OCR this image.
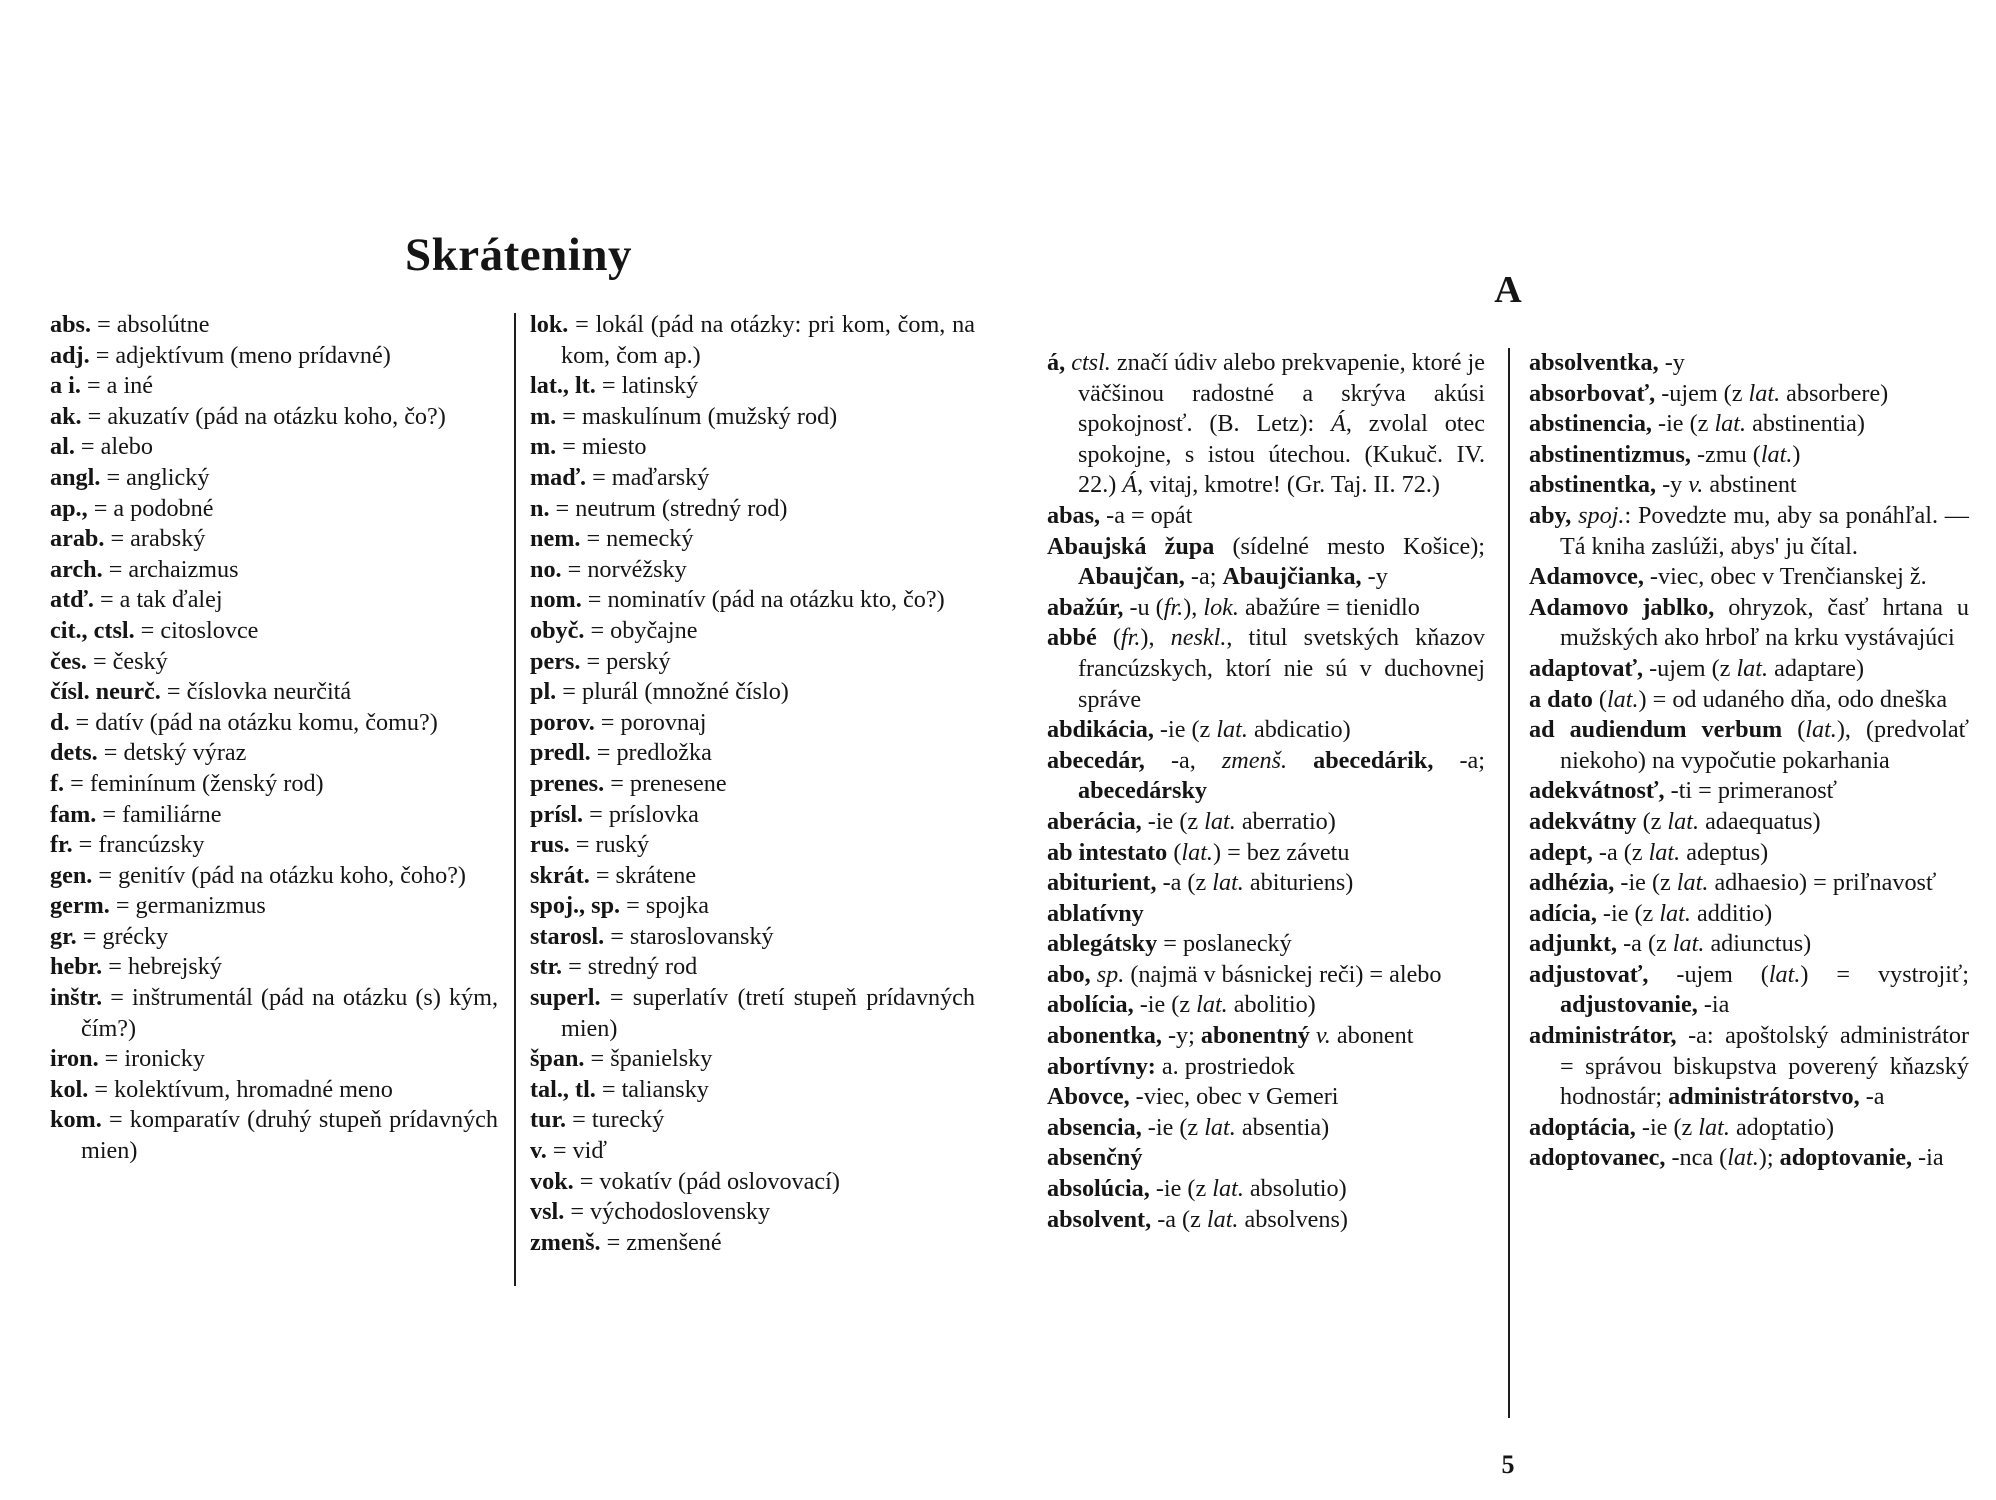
Skráteniny
abs. = absolútne
adj. = adjektívum (meno prídavné)
a i. = a iné
ak. = akuzatív (pád na otázku koho, čo?)
al. = alebo
angl. = anglický
ap., = a podobné
arab. = arabský
arch. = archaizmus
atď. = a tak ďalej
cit., ctsl. = citoslovce
čes. = český
čísl. neurč. = číslovka neurčitá
d. = datív (pád na otázku komu, čomu?)
dets. = detský výraz
f. = feminínum (ženský rod)
fam. = familiárne
fr. = francúzsky
gen. = genitív (pád na otázku koho, čoho?)
germ. = germanizmus
gr. = grécky
hebr. = hebrejský
inštr. = inštrumentál (pád na otázku (s) kým, čím?)
iron. = ironicky
kol. = kolektívum, hromadné meno
kom. = komparatív (druhý stupeň prídavných mien)
lok. = lokál (pád na otázky: pri kom, čom, na kom, čom ap.)
lat., lt. = latinský
m. = maskulínum (mužský rod)
m. = miesto
maď. = maďarský
n. = neutrum (stredný rod)
nem. = nemecký
no. = norvéžsky
nom. = nominatív (pád na otázku kto, čo?)
obyč. = obyčajne
pers. = perský
pl. = plurál (množné číslo)
porov. = porovnaj
predl. = predložka
prenes. = prenesene
prísl. = príslovka
rus. = ruský
skrát. = skrátene
spoj., sp. = spojka
starosl. = staroslovanský
str. = stredný rod
superl. = superlatív (tretí stupeň prídavných mien)
špan. = španielsky
tal., tl. = taliansky
tur. = turecký
v. = viď
vok. = vokatív (pád oslovovací)
vsl. = východoslovensky
zmenš. = zmenšené
A
á, ctsl. značí údiv alebo prekvapenie, ktoré je väčšinou radostné a skrýva akúsi spokojnosť. (B. Letz): Á, zvolal otec spokojne, s istou útechou. (Kukuč. IV. 22.) Á, vitaj, kmotre! (Gr. Taj. II. 72.)
abas, -a = opát
Abaujská župa (sídelné mesto Košice); Abaujčan, -a; Abaujčianka, -y
abažúr, -u (fr.), lok. abažúre = tienidlo
abbé (fr.), neskl., titul svetských kňazov francúzskych, ktorí nie sú v duchovnej správe
abdikácia, -ie (z lat. abdicatio)
abecedár, -a, zmenš. abecedárik, -a; abecedársky
aberácia, -ie (z lat. aberratio)
ab intestato (lat.) = bez závetu
abiturient, -a (z lat. abituriens)
ablatívny
ablegátsky = poslanecký
abo, sp. (najmä v básnickej reči) = alebo
abolícia, -ie (z lat. abolitio)
abonentka, -y; abonentný v. abonent
abortívny: a. prostriedok
Abovce, -viec, obec v Gemeri
absencia, -ie (z lat. absentia)
absenčný
absolúcia, -ie (z lat. absolutio)
absolvent, -a (z lat. absolvens)
absolventka, -y
absorbovať, -ujem (z lat. absorbere)
abstinencia, -ie (z lat. abstinentia)
abstinentizmus, -zmu (lat.)
abstinentka, -y v. abstinent
aby, spoj.: Povedzte mu, aby sa ponáhľal. — Tá kniha zaslúži, abys' ju čítal.
Adamovce, -viec, obec v Trenčianskej ž.
Adamovo jablko, ohryzok, časť hrtana u mužských ako hrboľ na krku vystávajúci
adaptovať, -ujem (z lat. adaptare)
a dato (lat.) = od udaného dňa, odo dneška
ad audiendum verbum (lat.), (predvolať niekoho) na vypočutie pokarhania
adekvátnosť, -ti = primeranosť
adekvátny (z lat. adaequatus)
adept, -a (z lat. adeptus)
adhézia, -ie (z lat. adhaesio) = priľnavosť
adícia, -ie (z lat. additio)
adjunkt, -a (z lat. adiunctus)
adjustovať, -ujem (lat.) = vystrojiť; adjustovanie, -ia
administrátor, -a: apoštolský administrátor = správou biskupstva poverený kňazský hodnostár; administrátorstvo, -a
adoptácia, -ie (z lat. adoptatio)
adoptovanec, -nca (lat.); adoptovanie, -ia
5
